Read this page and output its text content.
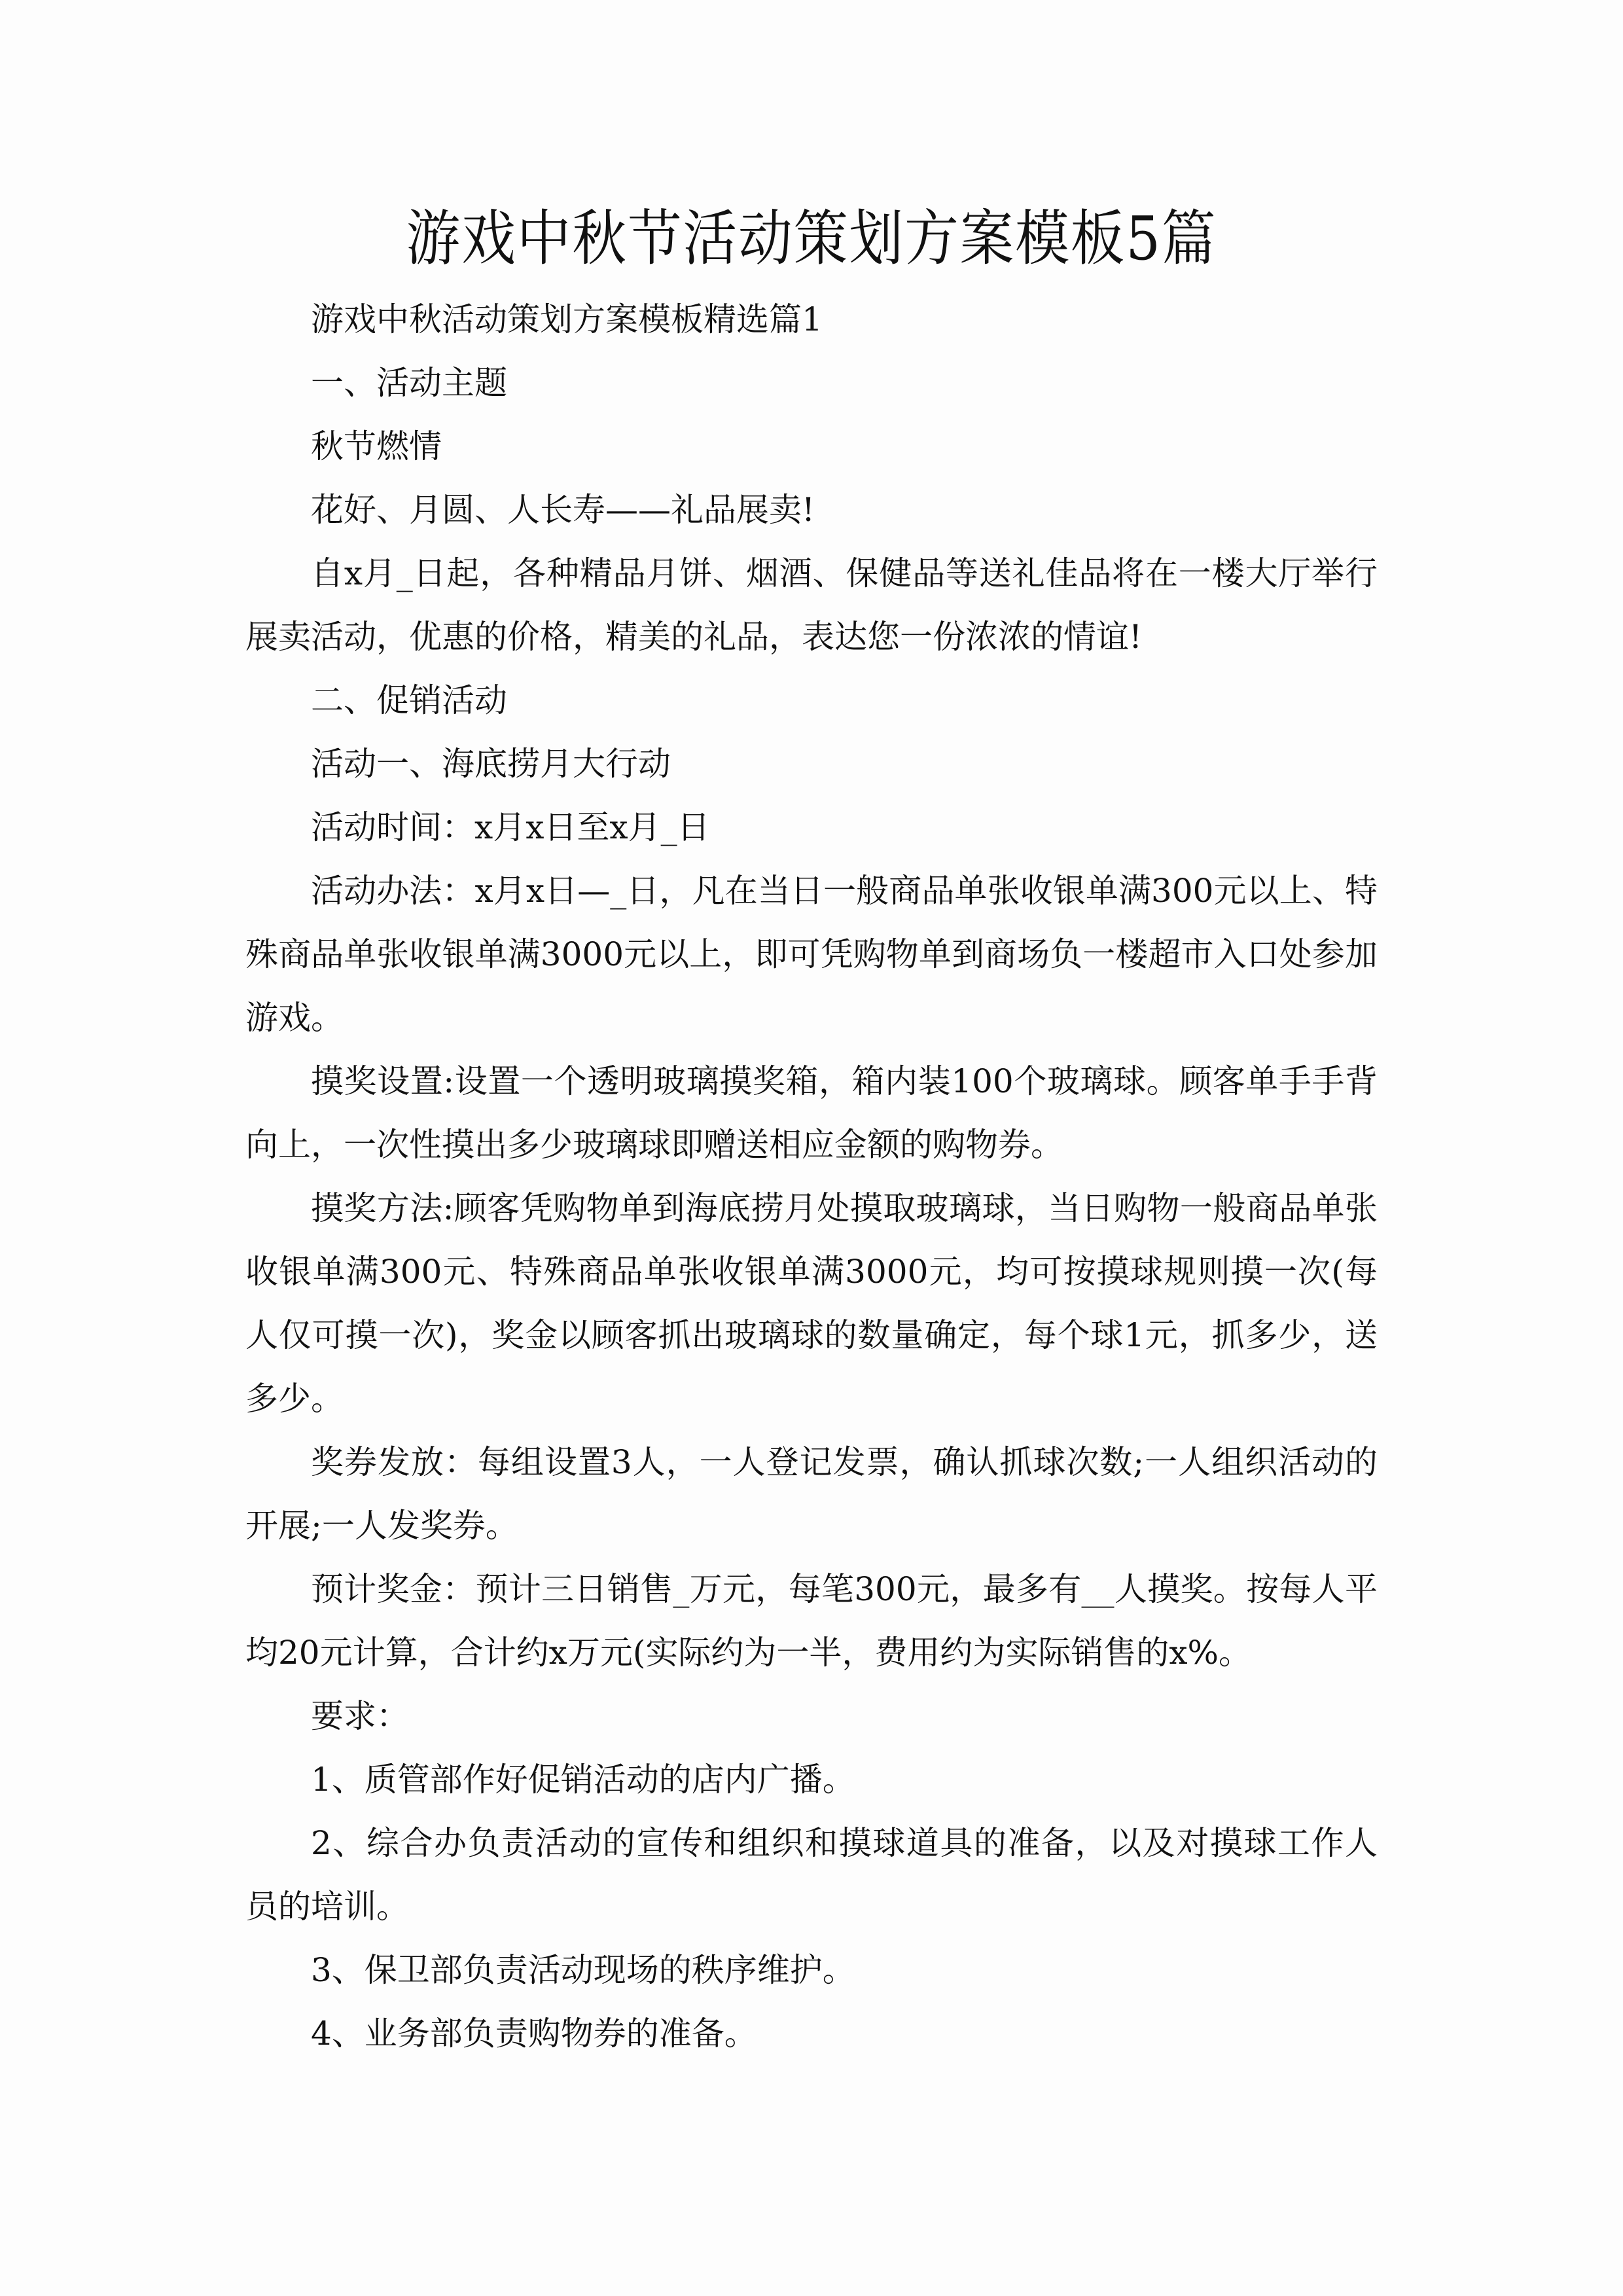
游戏中秋节活动策划方案模板5篇

游戏中秋活动策划方案模板精选篇1

一、活动主题

秋节燃情

花好、月圆、人长寿——礼品展卖!

自x月_日起，各种精品月饼、烟酒、保健品等送礼佳品将在一楼大厅举行展卖活动，优惠的价格，精美的礼品，表达您一份浓浓的情谊!

二、促销活动

活动一、海底捞月大行动

活动时间：x月x日至x月_日

活动办法：x月x日—_日，凡在当日一般商品单张收银单满300元以上、特殊商品单张收银单满3000元以上，即可凭购物单到商场负一楼超市入口处参加游戏。

摸奖设置:设置一个透明玻璃摸奖箱，箱内装100个玻璃球。顾客单手手背向上，一次性摸出多少玻璃球即赠送相应金额的购物券。

摸奖方法:顾客凭购物单到海底捞月处摸取玻璃球，当日购物一般商品单张收银单满300元、特殊商品单张收银单满3000元，均可按摸球规则摸一次(每人仅可摸一次)，奖金以顾客抓出玻璃球的数量确定，每个球1元，抓多少，送多少。

奖券发放：每组设置3人，一人登记发票，确认抓球次数;一人组织活动的开展;一人发奖券。

预计奖金：预计三日销售_万元，每笔300元，最多有__人摸奖。按每人平均20元计算，合计约x万元(实际约为一半，费用约为实际销售的x%。

要求：

1、质管部作好促销活动的店内广播。

2、综合办负责活动的宣传和组织和摸球道具的准备，以及对摸球工作人员的培训。

3、保卫部负责活动现场的秩序维护。

4、业务部负责购物券的准备。
